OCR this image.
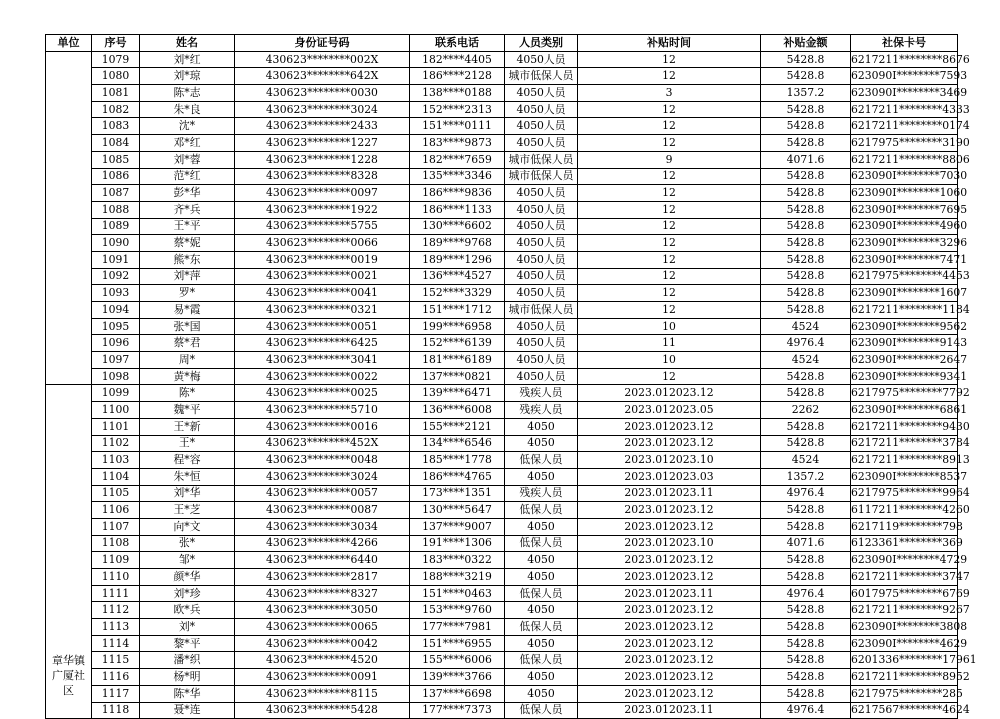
单位	序号	姓名	身份证号码	联系电话	人员类别	补贴时间	补贴金额	社保卡号
	1079	刘*红	430623********002X	182****4405	4050人员	12	5428.8	6217211********8676
	1080	刘*琼	430623********642X	186****2128	城市低保人员	12	5428.8	623090I********7593
	1081	陈*志	430623********0030	138****0188	4050人员	3	1357.2	623090I********3469
	1082	朱*良	430623********3024	152****2313	4050人员	12	5428.8	6217211********4333
	1083	沈*	430623********2433	151****0111	4050人员	12	5428.8	6217211********0174
	1084	邓*红	430623********1227	183****9873	4050人员	12	5428.8	6217975********3190
	1085	刘*蓉	430623********1228	182****7659	城市低保人员	9	4071.6	6217211********8806
	1086	范*红	430623********8328	135****3346	城市低保人员	12	5428.8	623090I********7030
	1087	彭*华	430623********0097	186****9836	4050人员	12	5428.8	623090I********1060
	1088	齐*兵	430623********1922	186****1133	4050人员	12	5428.8	623090I********7695
	1089	王*平	430623********5755	130****6602	4050人员	12	5428.8	623090I********4960
	1090	蔡*妮	430623********0066	189****9768	4050人员	12	5428.8	623090I********3296
	1091	熊*东	430623********0019	189****1296	4050人员	12	5428.8	623090I********7471
	1092	刘*萍	430623********0021	136****4527	4050人员	12	5428.8	6217975********4453
	1093	罗*	430623********0041	152****3329	4050人员	12	5428.8	623090I********1607
	1094	易*霞	430623********0321	151****1712	城市低保人员	12	5428.8	6217211********1184
	1095	张*国	430623********0051	199****6958	4050人员	10	4524	623090I********9562
	1096	蔡*君	430623********6425	152****6139	4050人员	11	4976.4	623090I********9143
	1097	周*	430623********3041	181****6189	4050人员	10	4524	623090I********2647
	1098	黄*梅	430623********0022	137****0821	4050人员	12	5428.8	623090I********9341
章华镇广厦社区	1099	陈*	430623********0025	139****6471	残疾人员	2023.012023.12	5428.8	6217975********7792
	1100	魏*平	430623********5710	136****6008	残疾人员	2023.012023.05	2262	623090I********6861
	1101	王*新	430623********0016	155****2121	4050	2023.012023.12	5428.8	6217211********9430
	1102	王*	430623********452X	134****6546	4050	2023.012023.12	5428.8	6217211********3784
	1103	程*容	430623********0048	185****1778	低保人员	2023.012023.10	4524	6217211********8913
	1104	朱*恒	430623********3024	186****4765	4050	2023.012023.03	1357.2	623090I********8537
	1105	刘*华	430623********0057	173****1351	残疾人员	2023.012023.11	4976.4	6217975********9964
	1106	王*芝	430623********0087	130****5647	低保人员	2023.012023.12	5428.8	6117211********4260
	1107	向*文	430623********3034	137****9007	4050	2023.012023.12	5428.8	6217119********798
	1108	张*	430623********4266	191****1306	低保人员	2023.012023.10	4071.6	6123361********369
	1109	邹*	430623********6440	183****0322	4050	2023.012023.12	5428.8	623090I********4729
	1110	颜*华	430623********2817	188****3219	4050	2023.012023.12	5428.8	6217211********3747
	1111	刘*珍	430623********8327	151****0463	低保人员	2023.012023.11	4976.4	6017975********6769
	1112	欧*兵	430623********3050	153****9760	4050	2023.012023.12	5428.8	6217211********9267
	1113	刘*	430623********0065	177****7981	低保人员	2023.012023.12	5428.8	623090I********3808
	1114	黎*平	430623********0042	151****6955	4050	2023.012023.12	5428.8	623090I********4629
	1115	潘*织	430623********4520	155****6006	低保人员	2023.012023.12	5428.8	6201336********17961
	1116	杨*明	430623********0091	139****3766	4050	2023.012023.12	5428.8	6217211********8952
	1117	陈*华	430623********8115	137****6698	4050	2023.012023.12	5428.8	6217975********285
	1118	聂*连	430623********5428	177****7373	低保人员	2023.012023.11	4976.4	6217567********4624
